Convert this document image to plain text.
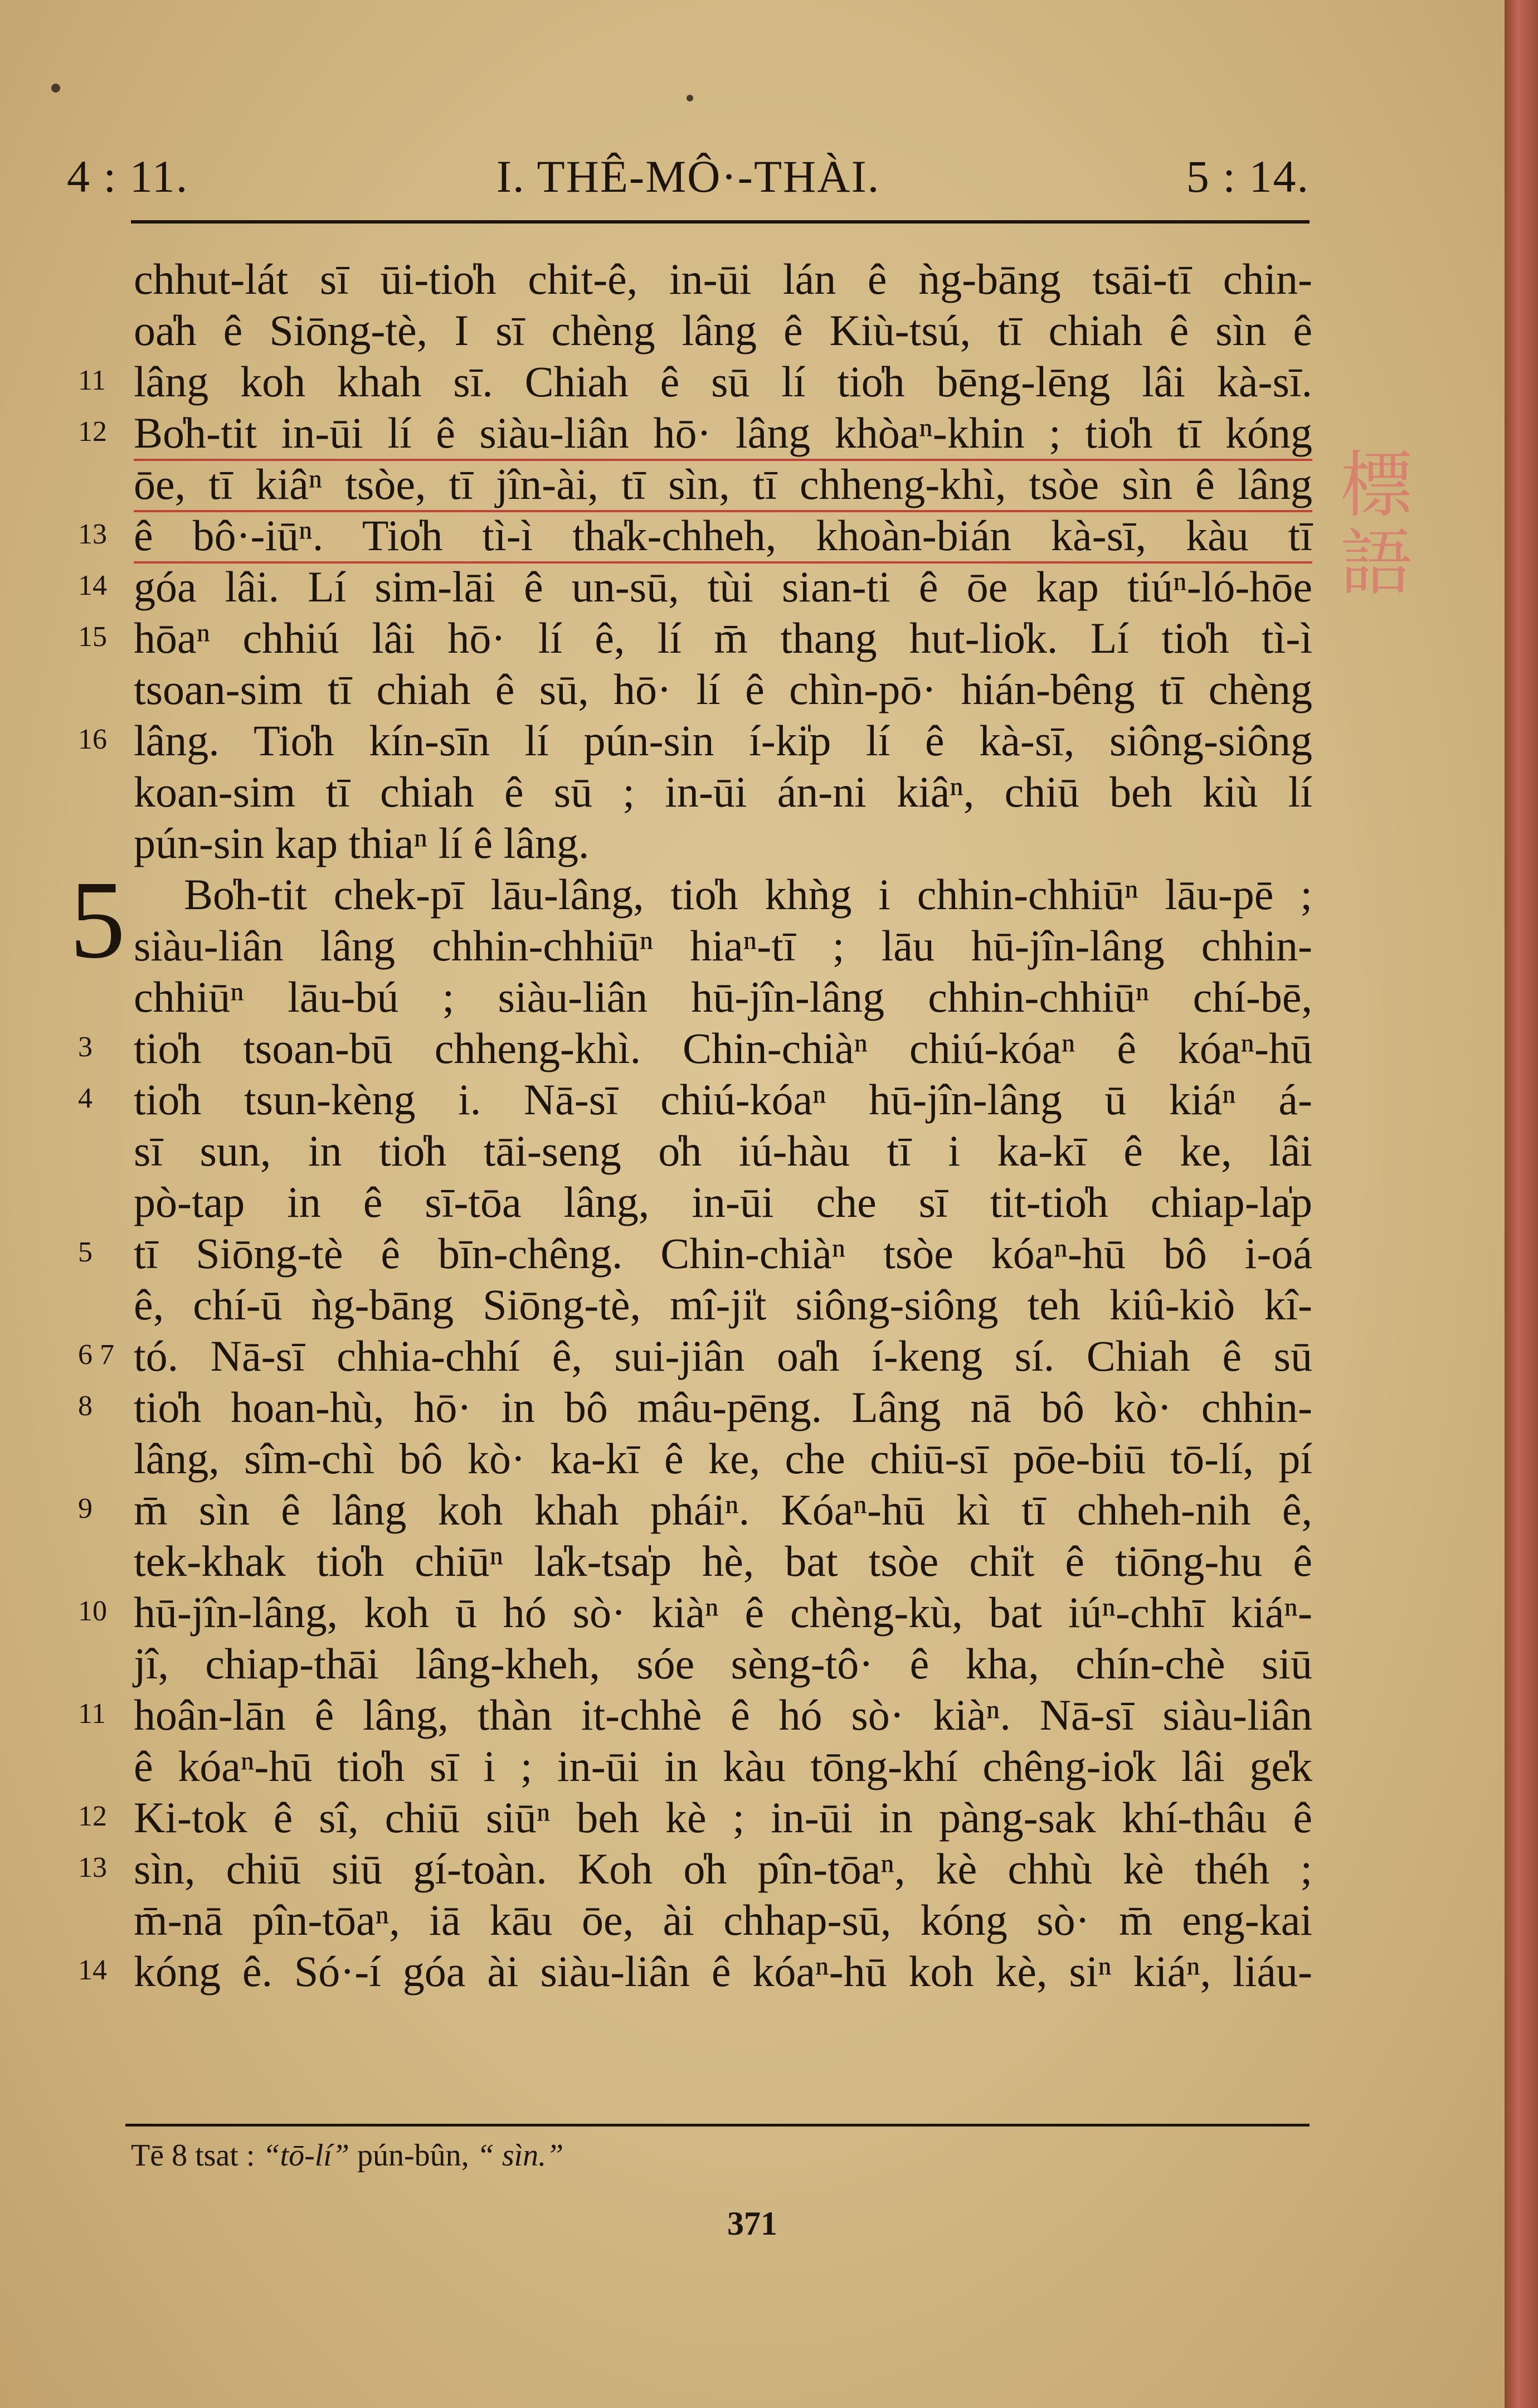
4 : 11.	I. THÊ-MÔ·-THÀI.	5 : 14.
chhut-lát sī ūi-tio̍h chit-ê, in-ūi lán ê ǹg-bāng tsāi-tī chin-
oa̍h ê Siōng-tè, I sī chèng lâng ê Kiù-tsú, tī chiah ê sìn ê
11 lâng koh khah sī. Chiah ê sū lí tio̍h bēng-lēng lâi kà-sī.
12 Bo̍h-tit in-ūi lí ê siàu-liân hō· lâng khòaⁿ-khin ; tio̍h tī kóng
ōe, tī kiâⁿ tsòe, tī jîn-ài, tī sìn, tī chheng-khì, tsòe sìn ê lâng
13 ê bô·-iūⁿ. Tio̍h tì-ì tha̍k-chheh, khoàn-bián kà-sī, kàu tī
14 góa lâi. Lí sim-lāi ê un-sū, tùi sian-ti ê ōe kap tiúⁿ-ló-hōe
15 hōaⁿ chhiú lâi hō· lí ê, lí m̄ thang hut-lio̍k. Lí tio̍h tì-ì
tsoan-sim tī chiah ê sū, hō· lí ê chìn-pō· hián-bêng tī chèng
16 lâng. Tio̍h kín-sīn lí pún-sin í-ki̍p lí ê kà-sī, siông-siông
koan-sim tī chiah ê sū ; in-ūi án-ni kiâⁿ, chiū beh kiù lí
pún-sin kap thiaⁿ lí ê lâng.
5	Bo̍h-tit chek-pī lāu-lâng, tio̍h khǹg i chhin-chhiūⁿ lāu-pē ;
siàu-liân lâng chhin-chhiūⁿ hiaⁿ-tī ; lāu hū-jîn-lâng chhin-
chhiūⁿ lāu-bú ; siàu-liân hū-jîn-lâng chhin-chhiūⁿ chí-bē,
3 tio̍h tsoan-bū chheng-khì. Chin-chiàⁿ chiú-kóaⁿ ê kóaⁿ-hū
4 tio̍h tsun-kèng i. Nā-sī chiú-kóaⁿ hū-jîn-lâng ū kiáⁿ á-
sī sun, in tio̍h tāi-seng o̍h iú-hàu tī i ka-kī ê ke, lâi
pò-tap in ê sī-tōa lâng, in-ūi che sī tit-tio̍h chiap-la̍p
5 tī Siōng-tè ê bīn-chêng. Chin-chiàⁿ tsòe kóaⁿ-hū bô i-oá
ê, chí-ū ǹg-bāng Siōng-tè, mî-ji̍t siông-siông teh kiû-kiò kî-
6 7 tó. Nā-sī chhia-chhí ê, sui-jiân oa̍h í-keng sí. Chiah ê sū
8 tio̍h hoan-hù, hō· in bô mâu-pēng. Lâng nā bô kò· chhin-
lâng, sîm-chì bô kò· ka-kī ê ke, che chiū-sī pōe-biū tō-lí, pí
9 m̄ sìn ê lâng koh khah pháiⁿ. Kóaⁿ-hū kì tī chheh-nih ê,
tek-khak tio̍h chiūⁿ la̍k-tsa̍p hè, bat tsòe chi̍t ê tiōng-hu ê
10 hū-jîn-lâng, koh ū hó sò· kiàⁿ ê chèng-kù, bat iúⁿ-chhī kiáⁿ-
jî, chiap-thāi lâng-kheh, sóe sèng-tô· ê kha, chín-chè siū
11 hoân-lān ê lâng, thàn it-chhè ê hó sò· kiàⁿ. Nā-sī siàu-liân
ê kóaⁿ-hū tio̍h sī i ; in-ūi in kàu tōng-khí chêng-io̍k lâi ge̍k
12 Ki-tok ê sî, chiū siūⁿ beh kè ; in-ūi in pàng-sak khí-thâu ê
13 sìn, chiū siū gí-toàn. Koh o̍h pîn-tōaⁿ, kè chhù kè théh ;
m̄-nā pîn-tōaⁿ, iā kāu ōe, ài chhap-sū, kóng sò· m̄ eng-kai
14 kóng ê. Só·-í góa ài siàu-liân ê kóaⁿ-hū koh kè, siⁿ kiáⁿ, liáu-
標語
Tē 8 tsat : “tō-lí” pún-bûn, “ sìn.”
371
